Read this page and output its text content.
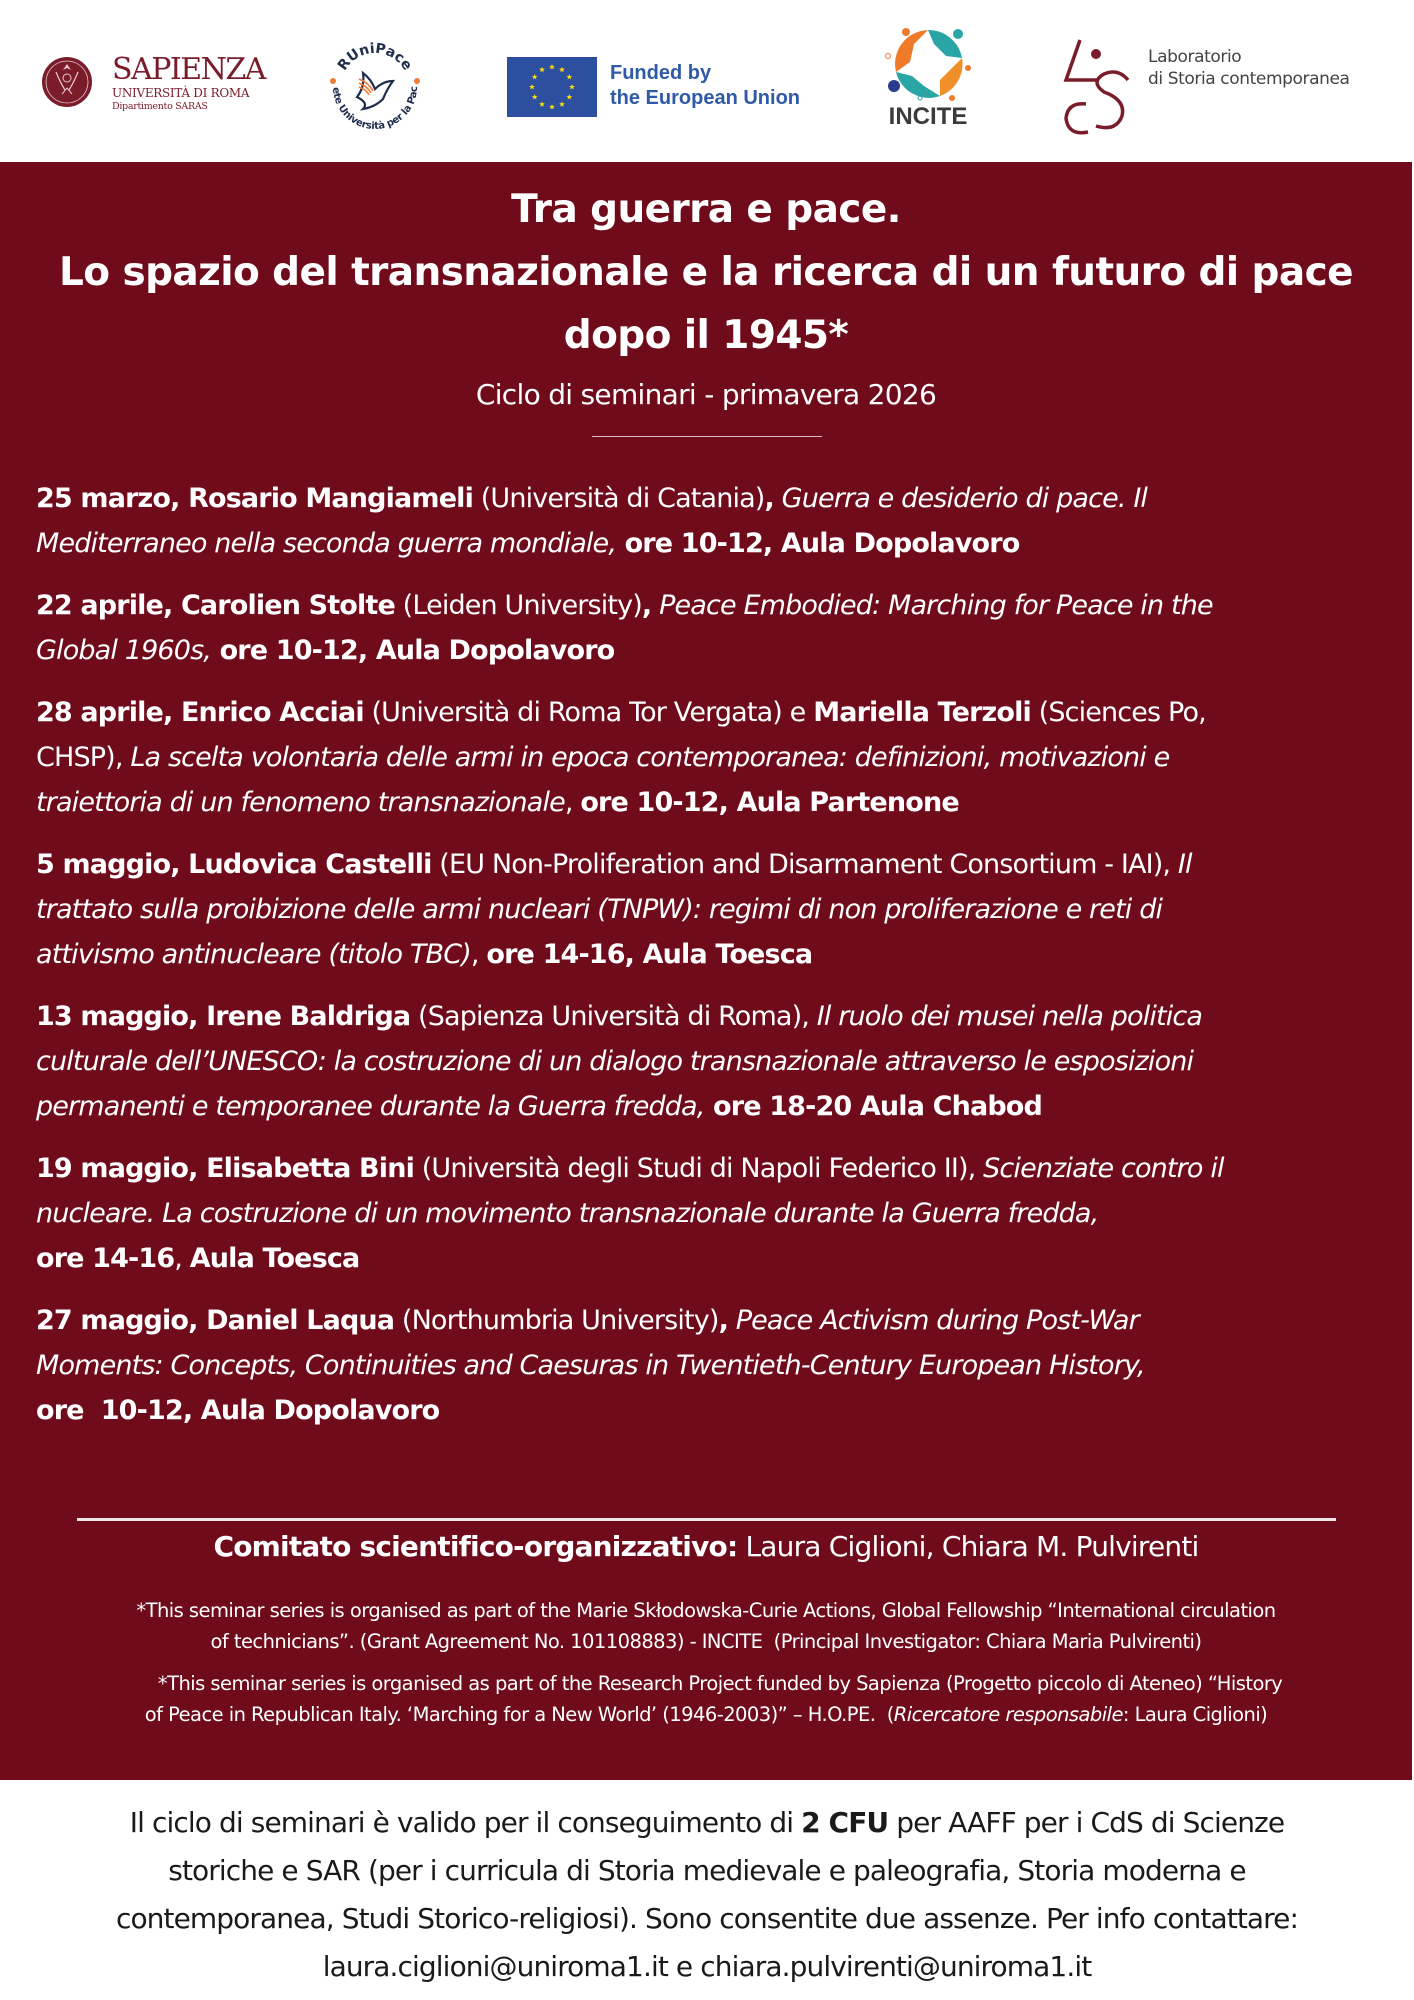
SAPIENZA
UNIVERSITÀ DI ROMA
Dipartimento SARAS
RUniPace
ete Università per la Pac
Funded by
the European Union
INCITE
Laboratorio
di Storia contemporanea
Tra guerra e pace.
Lo spazio del transnazionale e la ricerca di un futuro di pace
dopo il 1945*
Ciclo di seminari - primavera 2026
25 marzo, Rosario Mangiameli (Università di Catania), Guerra e desiderio di pace. Il
Mediterraneo nella seconda guerra mondiale, ore 10-12, Aula Dopolavoro
22 aprile, Carolien Stolte (Leiden University), Peace Embodied: Marching for Peace in the
Global 1960s, ore 10-12, Aula Dopolavoro
28 aprile, Enrico Acciai (Università di Roma Tor Vergata) e Mariella Terzoli (Sciences Po,
CHSP), La scelta volontaria delle armi in epoca contemporanea: definizioni, motivazioni e
traiettoria di un fenomeno transnazionale, ore 10-12, Aula Partenone
5 maggio, Ludovica Castelli (EU Non-Proliferation and Disarmament Consortium - IAI), Il
trattato sulla proibizione delle armi nucleari (TNPW): regimi di non proliferazione e reti di
attivismo antinucleare (titolo TBC), ore 14-16, Aula Toesca
13 maggio, Irene Baldriga (Sapienza Università di Roma), Il ruolo dei musei nella politica
culturale dell’UNESCO: la costruzione di un dialogo transnazionale attraverso le esposizioni
permanenti e temporanee durante la Guerra fredda, ore 18-20 Aula Chabod
19 maggio, Elisabetta Bini (Università degli Studi di Napoli Federico II), Scienziate contro il
nucleare. La costruzione di un movimento transnazionale durante la Guerra fredda,
ore 14-16, Aula Toesca
27 maggio, Daniel Laqua (Northumbria University), Peace Activism during Post-War
Moments: Concepts, Continuities and Caesuras in Twentieth-Century European History,
ore  10-12, Aula Dopolavoro
Comitato scientifico-organizzativo: Laura Ciglioni, Chiara M. Pulvirenti
*This seminar series is organised as part of the Marie Skłodowska-Curie Actions, Global Fellowship “International circulation
of technicians”. (Grant Agreement No. 101108883) - INCITE  (Principal Investigator: Chiara Maria Pulvirenti)
*This seminar series is organised as part of the Research Project funded by Sapienza (Progetto piccolo di Ateneo) “History
of Peace in Republican Italy. ‘Marching for a New World’ (1946-2003)” – H.O.PE.  (Ricercatore responsabile: Laura Ciglioni)
Il ciclo di seminari è valido per il conseguimento di 2 CFU per AAFF per i CdS di Scienze
storiche e SAR (per i curricula di Storia medievale e paleografia, Storia moderna e
contemporanea, Studi Storico-religiosi). Sono consentite due assenze. Per info contattare:
laura.ciglioni@uniroma1.it e chiara.pulvirenti@uniroma1.it
